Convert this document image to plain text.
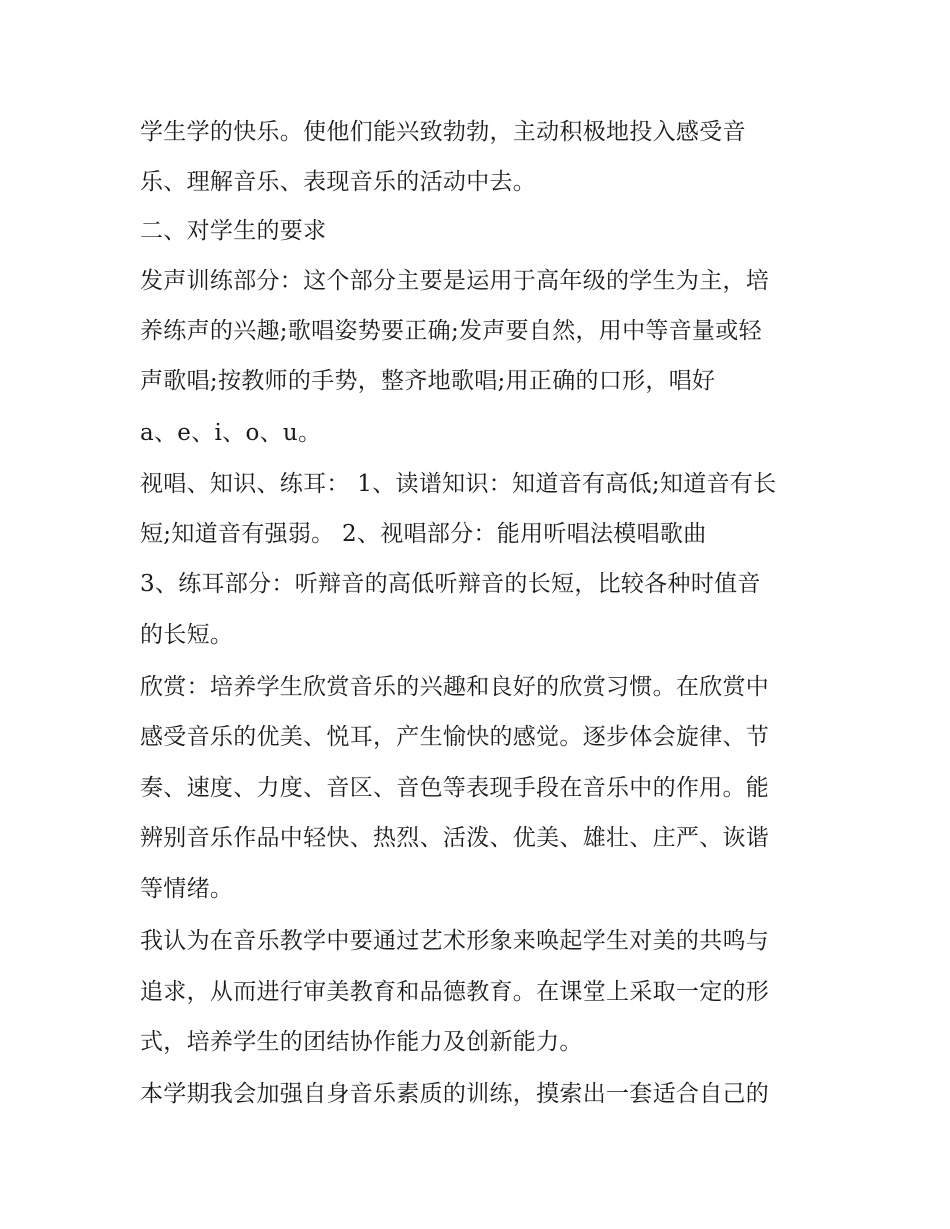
学生学的快乐。使他们能兴致勃勃，主动积极地投入感受音
乐、理解音乐、表现音乐的活动中去。
二、对学生的要求
发声训练部分：这个部分主要是运用于高年级的学生为主，培
养练声的兴趣;歌唱姿势要正确;发声要自然，用中等音量或轻
声歌唱;按教师的手势，整齐地歌唱;用正确的口形，唱好
a、e、i、o、u。
视唱、知识、练耳： 1、读谱知识：知道音有高低;知道音有长
短;知道音有强弱。 2、视唱部分：能用听唱法模唱歌曲
3、练耳部分：听辩音的高低听辩音的长短，比较各种时值音
的长短。
欣赏：培养学生欣赏音乐的兴趣和良好的欣赏习惯。在欣赏中
感受音乐的优美、悦耳，产生愉快的感觉。逐步体会旋律、节
奏、速度、力度、音区、音色等表现手段在音乐中的作用。能
辨别音乐作品中轻快、热烈、活泼、优美、雄壮、庄严、诙谐
等情绪。
我认为在音乐教学中要通过艺术形象来唤起学生对美的共鸣与
追求，从而进行审美教育和品德教育。在课堂上采取一定的形
式，培养学生的团结协作能力及创新能力。
本学期我会加强自身音乐素质的训练，摸索出一套适合自己的
